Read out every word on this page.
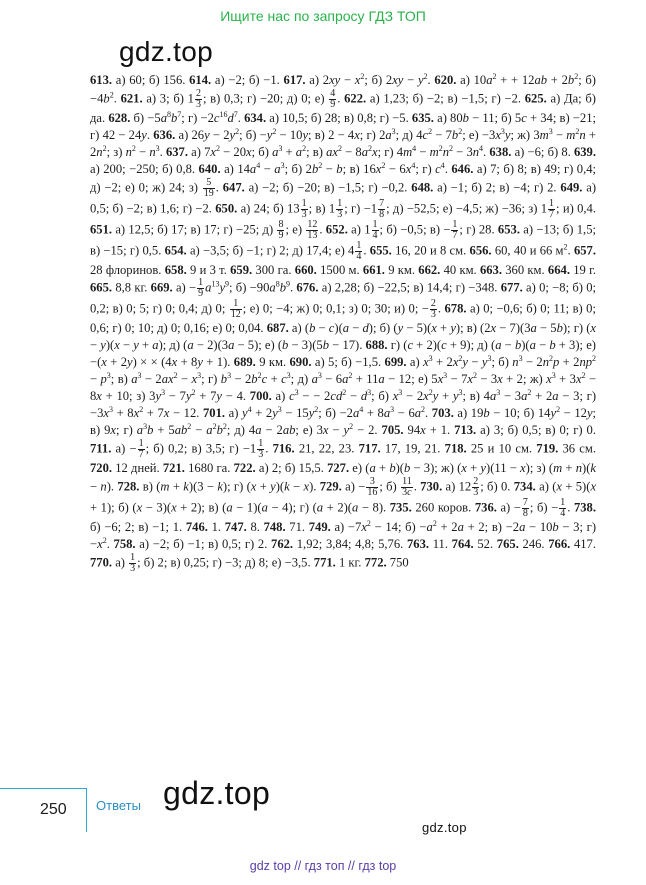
Ищите нас по запросу ГДЗ ТОП
gdz.top

613. а) 60; б) 156. 614. а) −2; б) −1. 617. а) $2xy - x^2$; б) $2xy - y^2$. 620. а) $10a^2$ + + $12ab + 2b^2$; $б) -4b^2$. 621. а) 3; б) $1 \frac{2}{3}$ ; в) 0,3; г) −20; д) 0; $е) \frac{4}{9}$ . 622. а) 1,23; б) −2; в) −1,5; г) −2. 625. а) Да; б) да. 628. $б) -5a^8b^7$; $г) -2c^{16}d^7$. 634. а) 10,5; б) 28; в) 0,8; г) −5. 635. а) 80b − 11; б) 5c + 34; в) −21; г) 42 − 24y. 636. а) $26y - 2y^2$; $б) -y^2 - 10y$; в) 2 − 4x; г) $2a^3$; д) $4c^2 - 7b^2$; $е) -3x^3y$; ж) $3m^3 - m^2n + 2n^2$; з) $n^2 - n^3$. 637. а) $7x^2 - 20x$; б) $a^3 + a^2$; в) $ax^2 - 8a^2x$; г) $4m^4 - m^2n^2 - 3n^4$. 638. а) −6; б) 8. 639. а) 200; −250; б) 0,8. 640. а) $14a^4 - a^3$; б) $2b^2 - b$; в) $16x^2 - 6x^4$; г) $c^4$. 646. а) 7; б) 8; в) 49; г) 0,4; д) −2; е) 0; ж) 24; $з) \frac{5}{19}$ . 647. а) −2; б) −20; в) −1,5; г) −0,2. 648. а) −1; б) 2; в) −4; г) 2. 649. а) 0,5; б) −2; в) 1,6; г) −2. 650. а) 24; б) $13 \frac{1}{3}$ ; в) $1 \frac{1}{3}$ ; $г) -1 \frac{7}{8}$ ; д) −52,5; е) −4,5; ж) −36; з) $1 \frac{1}{7}$ ; и) 0,4. 651. а) 12,5; б) 17; в) 17; г) −25; $д) \frac{8}{9}$ ; $е) \frac{12}{13}$ . 652. а) $1 \frac{1}{4}$ ; б) −0,5; $в) - \frac{1}{7}$ ; г) 28. 653. а) −13; б) 1,5; в) −15; г) 0,5. 654. а) −3,5; б) −1; г) 2; д) 17,4; е) $4 \frac{1}{4}$ . 655. 16, 20 и 8 см. 656. 60, 40 и 66 $м^2$. 657. 28 флоринов. 658. 9 и 3 т. 659. 300 га. 660. 1500 м. 661. 9 км. 662. 40 км. 663. 360 км. 664. 19 г. 665. 8,8 кг. 669. $а) - \frac{1}{9} a^{13}y^9$; $б) -90a^8b^9$. 676. а) 2,28; б) −22,5; в) 14,4; г) −348. 677. а) 0; −8; б) 0; 0,2; в) 0; 5; г) 0; 0,4; д) 0; $\frac{1}{12}$ ; е) 0; −4; ж) 0; 0,1; з) 0; 30; и) 0; − $\frac{2}{3}$ . 678. а) 0; −0,6; б) 0; 11; в) 0; 0,6; г) 0; 10; д) 0; 0,16; е) 0; 0,04. 687. а) (b − c)(a − d); б) (y − 5)(x + y); в) (2x − 7)(3a − 5b); г) (x − y)(x − y + a); д) (a − 2)(3a − 5); е) (b − 3)(5b − 17). 688. г) (c + 2)(c + 9); д) (a − b)(a − b + 3); е) −(x + 2y) × × (4x + 8y + 1). 689. 9 км. 690. а) 5; б) −1,5. 699. а) $x^3 + 2x^2y - y^3$; б) $n^3 - 2n^2p + 2np^2 - p^3$; в) $a^3 - 2ax^2 - x^3$; г) $b^3 - 2b^2c + c^3$; д) $a^3 - 6a^2 + 11a - 12$; е) $5x^3 - 7x^2 - 3x + 2$; ж) $x^3 + 3x^2 - 8x + 10$; з) $3y^3 - 7y^2 + 7y - 4$. 700. а) $c^3$ − − $2cd^2 - d^3$; б) $x^3 - 2x^2y + y^3$; в) $4a^3 - 3a^2 + 2a - 3$; $г) -3x^3 + 8x^2 + 7x - 12$. 701. а) $y^4 + 2y^3 - 15y^2$; $б) -2a^4 + 8a^3 - 6a^2$. 703. а) 19b − 10; б) $14y^2 - 12y$; в) 9x; г) $a^3b + 5ab^2 - a^2b^2$; д) 4a − 2ab; е) $3x - y^2 - 2$. 705. 94x + 1. 713. а) 3; б) 0,5; в) 0; г) 0. 711. $а) - \frac{1}{7}$ ; б) 0,2; в) 3,5; $г) -1 \frac{1}{3}$ . 716. 21, 22, 23. 717. 17, 19, 21. 718. 25 и 10 см. 719. 36 см. 720. 12 дней. 721. 1680 га. 722. а) 2; б) 15,5. 727. е) (a + b)(b − 3); ж) (x + y)(11 − x); з) (m + n)(k − n). 728. в) (m + k)(3 − k); г) (x + y)(k − x). 729. $а) - \frac{3}{16}$ ; $б) \frac{11}{3c}$ . 730. а) $12 \frac{2}{3}$ ; б) 0. 734. а) (x + 5)(x + 1); б) (x − 3)(x + 2); в) (a − 1)(a − 4); г) (a + 2)(a − 8). 735. 260 коров. 736. $а) - \frac{7}{8}$ ; $б) - \frac{1}{4}$ . 738. б) −6; 2; в) −1; 1. 746. 1. 747. 8. 748. 71. 749. $а) -7x^2 - 14$; $б) -a^2 + 2a + 2$; в) −2a − 10b − 3; $г) -x^2$. 758. а) −2; б) −1; в) 0,5; г) 2. 762. 1,92; 3,84; 4,8; 5,76. 763. 11. 764. 52. 765. 246. 766. 417. 770. $а) \frac{1}{3}$ ; б) 2; в) 0,25; г) −3; д) 8; е) −3,5. 771. 1 кг. 772. 750

250 Ответы gdz.top
gdz.top
gdz top // гдз топ // гдз top
